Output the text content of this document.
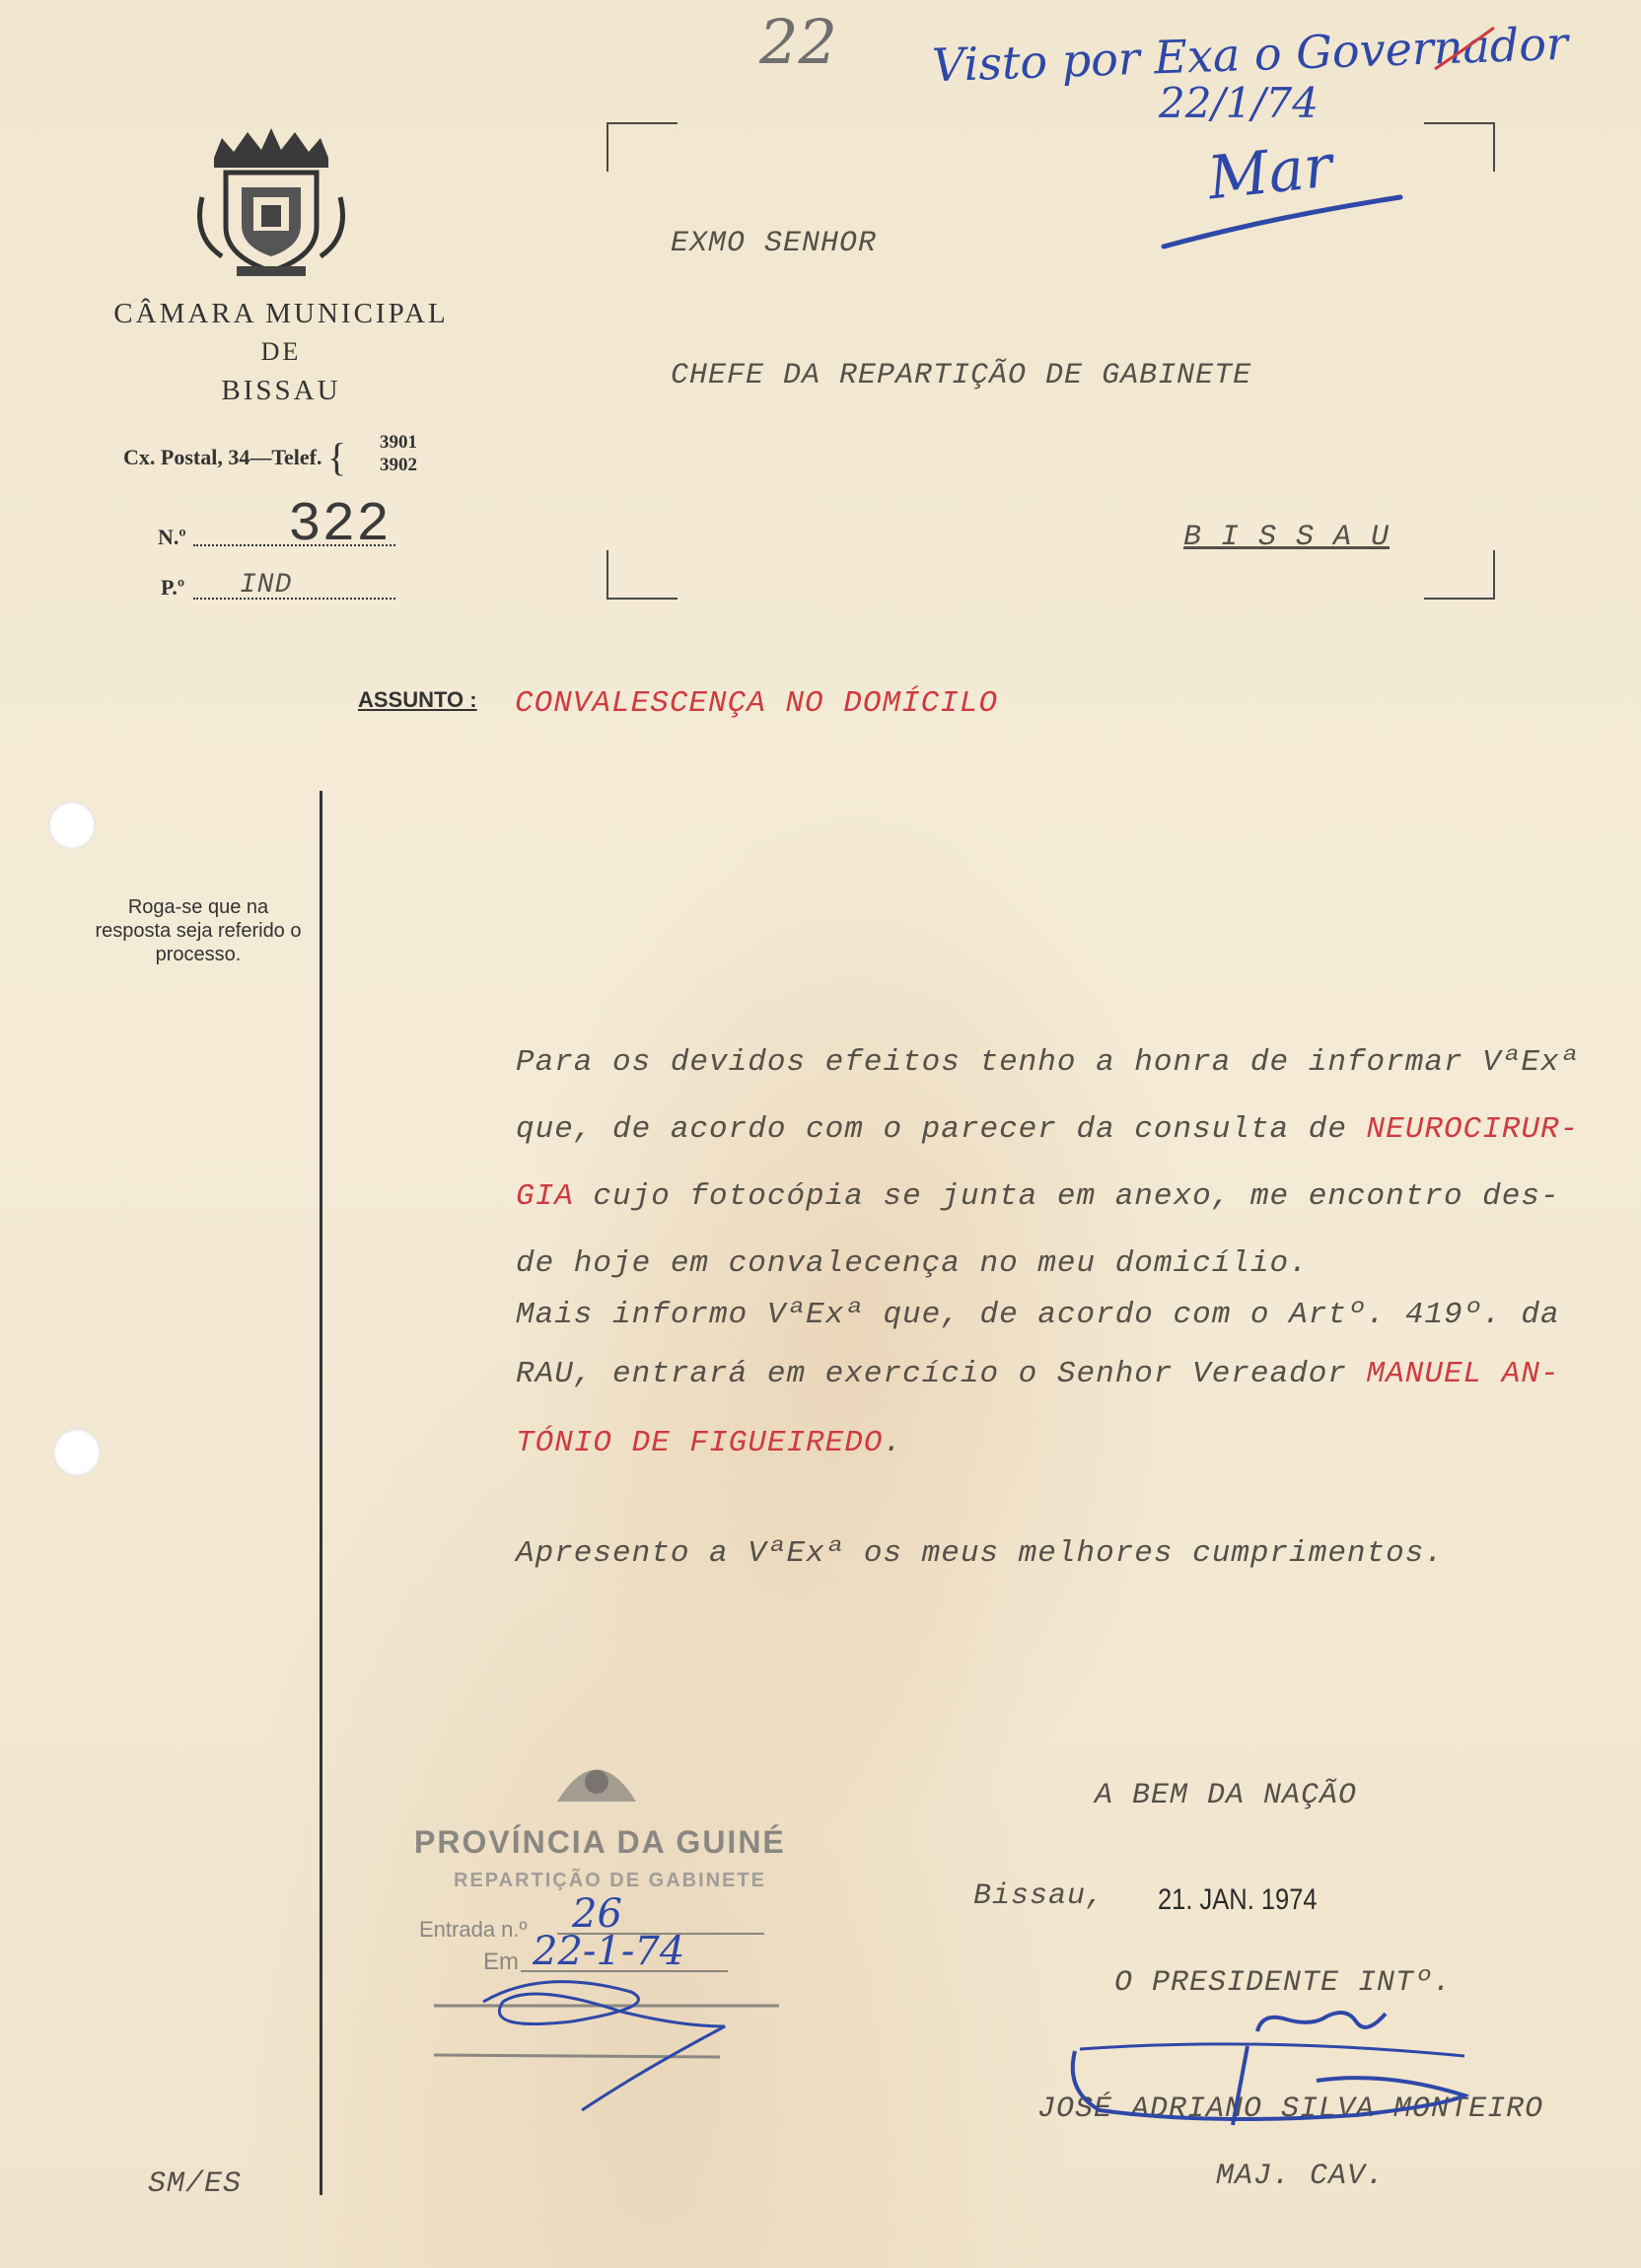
22 Visto por Exa o Governador
22/1/74
Mar
CÂMARA MUNICIPAL
DE
BISSAU
Cx. Postal, 34—Telef. { 3901
3902
N.º 322
P.º IND
EXMO SENHOR
CHEFE DA REPARTIÇÃO DE GABINETE
B I S S A U
ASSUNTO : CONVALESCENÇA NO DOMÍCILO
Roga-se que na resposta seja referido o processo.
Para os devidos efeitos tenho a honra de informar VªExª
que, de acordo com o parecer da consulta de NEUROCIRUR-
GIA cujo fotocópia se junta em anexo, me encontro des-
de hoje em convalecença no meu domicílio.
Mais informo VªExª que, de acordo com o Artº. 419º. da
RAU, entrará em exercício o Senhor Vereador MANUEL AN-
TÓNIO DE FIGUEIREDO.
Apresento a VªExª os meus melhores cumprimentos.
PROVÍNCIA DA GUINÉ
REPARTIÇÃO DE GABINETE
Entrada n.º 26
Em 22-1-74
A BEM DA NAÇÃO
Bissau, 21. JAN. 1974
O PRESIDENTE INTº.
JOSÉ ADRIANO SILVA MONTEIRO
MAJ. CAV.
SM/ES
